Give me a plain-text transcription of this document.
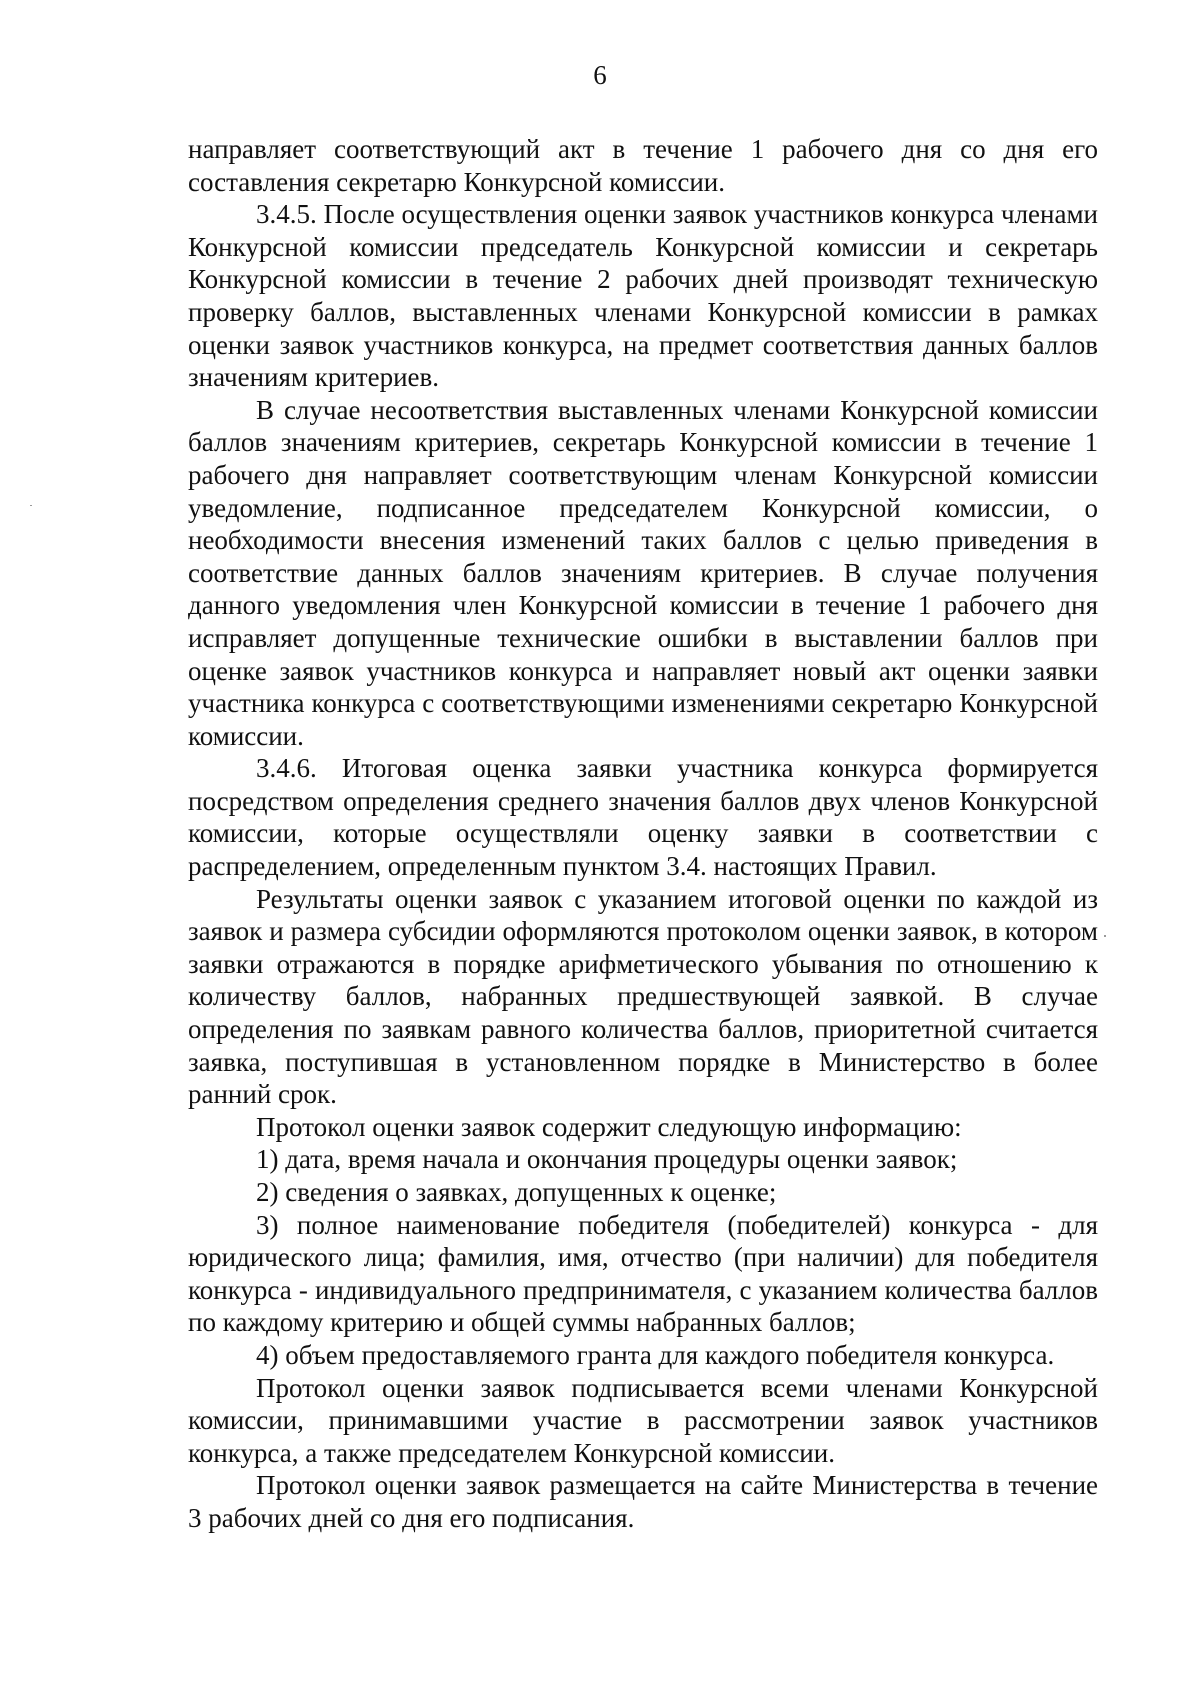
6

направляет соответствующий акт в течение 1 рабочего дня со дня его составления секретарю Конкурсной комиссии.

3.4.5. После осуществления оценки заявок участников конкурса членами Конкурсной комиссии председатель Конкурсной комиссии и секретарь Конкурсной комиссии в течение 2 рабочих дней производят техническую проверку баллов, выставленных членами Конкурсной комиссии в рамках оценки заявок участников конкурса, на предмет соответствия данных баллов значениям критериев.

В случае несоответствия выставленных членами Конкурсной комиссии баллов значениям критериев, секретарь Конкурсной комиссии в течение 1 рабочего дня направляет соответствующим членам Конкурсной комиссии уведомление, подписанное председателем Конкурсной комиссии, о необходимости внесения изменений таких баллов с целью приведения в соответствие данных баллов значениям критериев. В случае получения данного уведомления член Конкурсной комиссии в течение 1 рабочего дня исправляет допущенные технические ошибки в выставлении баллов при оценке заявок участников конкурса и направляет новый акт оценки заявки участника конкурса с соответствующими изменениями секретарю Конкурсной комиссии.

3.4.6. Итоговая оценка заявки участника конкурса формируется посредством определения среднего значения баллов двух членов Конкурсной комиссии, которые осуществляли оценку заявки в соответствии с распределением, определенным пунктом 3.4. настоящих Правил.

Результаты оценки заявок с указанием итоговой оценки по каждой из заявок и размера субсидии оформляются протоколом оценки заявок, в котором заявки отражаются в порядке арифметического убывания по отношению к количеству баллов, набранных предшествующей заявкой. В случае определения по заявкам равного количества баллов, приоритетной считается заявка, поступившая в установленном порядке в Министерство в более ранний срок.

Протокол оценки заявок содержит следующую информацию:

1) дата, время начала и окончания процедуры оценки заявок;

2) сведения о заявках, допущенных к оценке;

3) полное наименование победителя (победителей) конкурса - для юридического лица; фамилия, имя, отчество (при наличии) для победителя конкурса - индивидуального предпринимателя, с указанием количества баллов по каждому критерию и общей суммы набранных баллов;

4) объем предоставляемого гранта для каждого победителя конкурса.

Протокол оценки заявок подписывается всеми членами Конкурсной комиссии, принимавшими участие в рассмотрении заявок участников конкурса, а также председателем Конкурсной комиссии.

Протокол оценки заявок размещается на сайте Министерства в течение 3 рабочих дней со дня его подписания.
